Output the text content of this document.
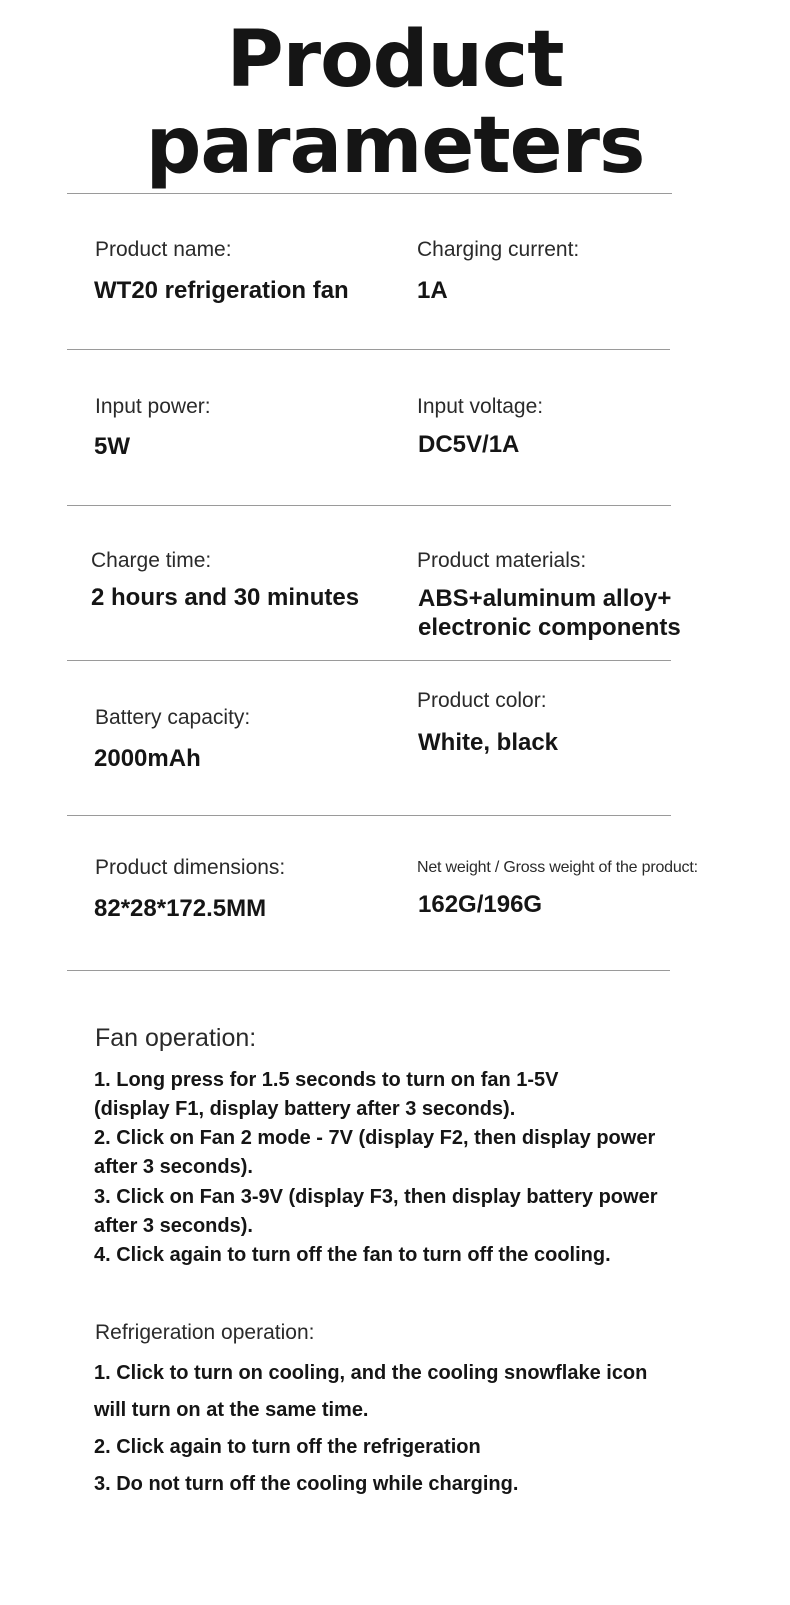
Product parameters
Product name:
WT20 refrigeration fan
Charging current:
1A
Input power:
5W
Input voltage:
DC5V/1A
Charge time:
2 hours and 30 minutes
Product materials:
ABS+aluminum alloy+
electronic components
Battery capacity:
2000mAh
Product color:
White, black
Product dimensions:
82*28*172.5MM
Net weight / Gross weight of the product:
162G/196G
Fan operation:
1. Long press for 1.5 seconds to turn on fan 1-5V
(display F1, display battery after 3 seconds).
2. Click on Fan 2 mode - 7V (display F2, then display power
after 3 seconds).
3. Click on Fan 3-9V (display F3, then display battery power
after 3 seconds).
4. Click again to turn off the fan to turn off the cooling.
Refrigeration operation:
1. Click to turn on cooling, and the cooling snowflake icon
will turn on at the same time.
2. Click again to turn off the refrigeration
3. Do not turn off the cooling while charging.
